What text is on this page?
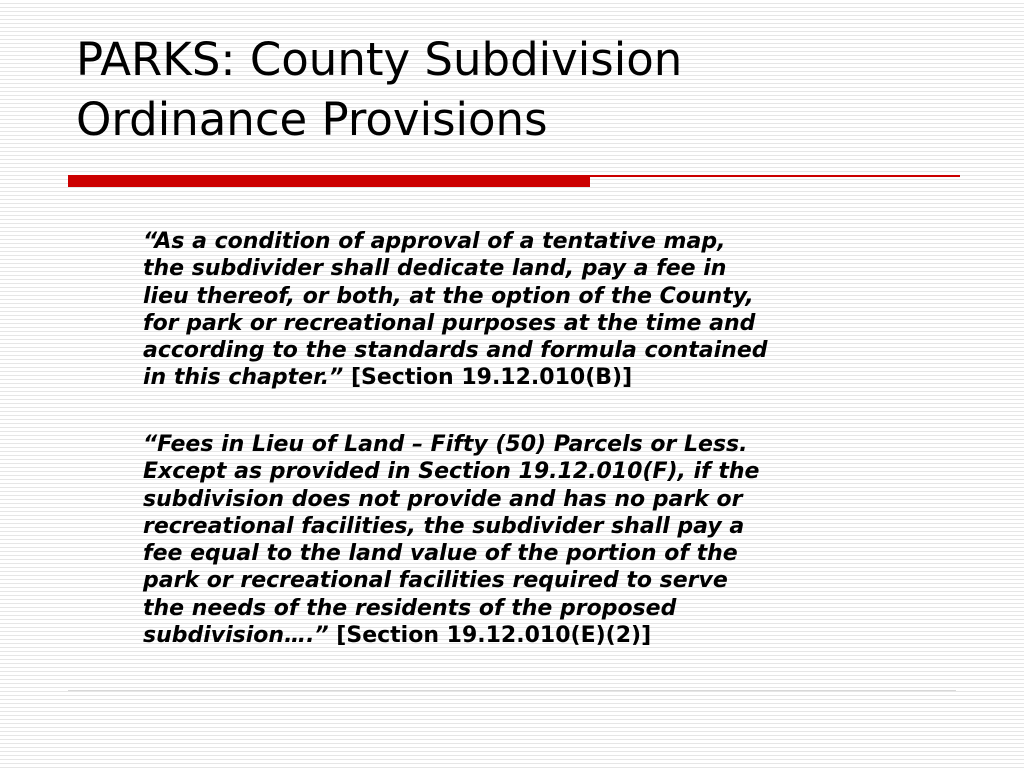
PARKS: County Subdivision
Ordinance Provisions
“As a condition of approval of a tentative map,
the subdivider shall dedicate land, pay a fee in
lieu thereof, or both, at the option of the County,
for park or recreational purposes at the time and
according to the standards and formula contained
in this chapter.” [Section 19.12.010(B)]
“Fees in Lieu of Land – Fifty (50) Parcels or Less.
Except as provided in Section 19.12.010(F), if the
subdivision does not provide and has no park or
recreational facilities, the subdivider shall pay a
fee equal to the land value of the portion of the
park or recreational facilities required to serve
the needs of the residents of the proposed
subdivision….” [Section 19.12.010(E)(2)]
